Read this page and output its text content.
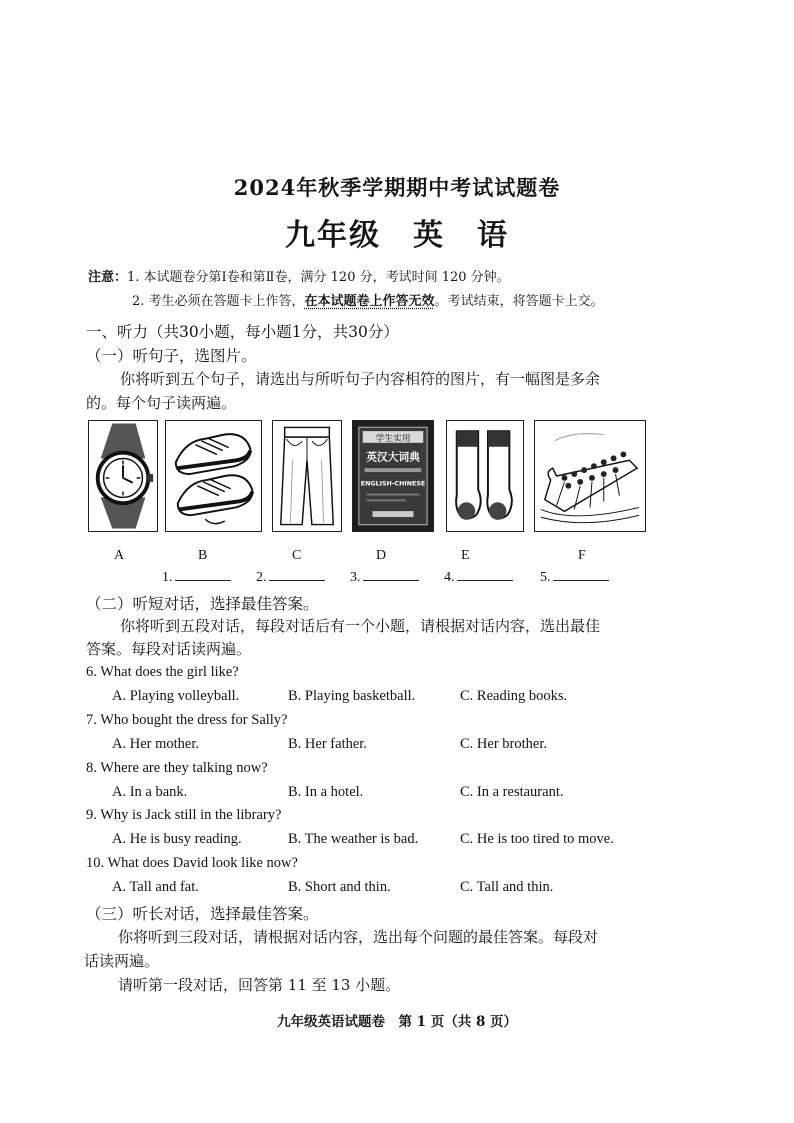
2024年秋季学期期中考试试题卷
九年级　英　语
注意：1. 本试题卷分第Ⅰ卷和第Ⅱ卷，满分 120 分，考试时间 120 分钟。
2. 考生必须在答题卡上作答，在本试题卷上作答无效。考试结束，将答题卡上交。
一、听力（共30小题，每小题1分，共30分）
（一）听句子，选图片。
你将听到五个句子，请选出与所听句子内容相符的图片，有一幅图是多余
的。每个句子读两遍。
学生实用
英汉大词典
ENGLISH-CHINESE
A	B	C	D	E	F
1.	2.	3.	4.	5.
（二）听短对话，选择最佳答案。
你将听到五段对话，每段对话后有一个小题，请根据对话内容，选出最佳
答案。每段对话读两遍。
6. What does the girl like?
A. Playing volleyball.	B. Playing basketball.	C. Reading books.
7. Who bought the dress for Sally?
A. Her mother.	B. Her father.	C. Her brother.
8. Where are they talking now?
A. In a bank.	B. In a hotel.	C. In a restaurant.
9. Why is Jack still in the library?
A. He is busy reading.	B. The weather is bad.	C. He is too tired to move.
10. What does David look like now?
A. Tall and fat.	B. Short and thin.	C. Tall and thin.
（三）听长对话，选择最佳答案。
你将听到三段对话，请根据对话内容，选出每个问题的最佳答案。每段对
话读两遍。
请听第一段对话，回答第 11 至 13 小题。
九年级英语试题卷　第 1 页（共 8 页）
